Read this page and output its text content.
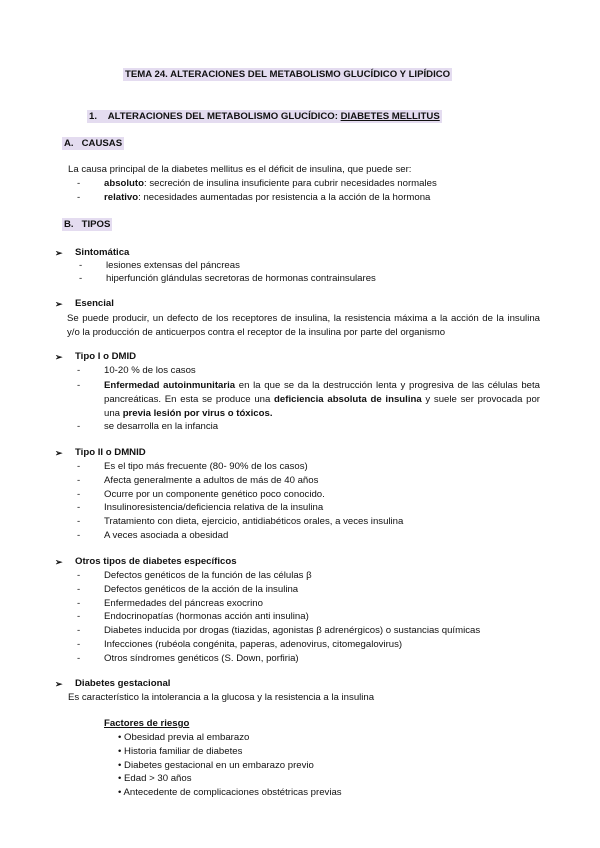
TEMA 24. ALTERACIONES DEL METABOLISMO GLUCÍDICO Y LIPÍDICO
1. ALTERACIONES DEL METABOLISMO GLUCÍDICO: DIABETES MELLITUS
A.   CAUSAS
La causa principal de la diabetes mellitus es el déficit de insulina, que puede ser:
- absoluto: secreción de insulina insuficiente para cubrir necesidades normales
- relativo: necesidades aumentadas por resistencia a la acción de la hormona
B.   TIPOS
➢ Sintomática
- lesiones extensas del páncreas
- hiperfunción glándulas secretoras de hormonas contrainsulares
➢ Esencial
Se puede producir, un defecto de los receptores de insulina, la resistencia máxima a la acción de la insulina y/o la producción de anticuerpos contra el receptor de la insulina por parte del organismo
➢ Tipo I o DMID
- 10-20 % de los casos
- Enfermedad autoinmunitaria en la que se da la destrucción lenta y progresiva de las células beta pancreáticas. En esta se produce una deficiencia absoluta de insulina y suele ser provocada por una previa lesión por virus o tóxicos.
- se desarrolla en la infancia
➢ Tipo II o DMNID
- Es el tipo más frecuente (80- 90% de los casos)
- Afecta generalmente a adultos de más de 40 años
- Ocurre por un componente genético poco conocido.
- Insulinoresistencia/deficiencia relativa de la insulina
- Tratamiento con dieta, ejercicio, antidiabéticos orales, a veces insulina
- A veces asociada a obesidad
➢ Otros tipos de diabetes específicos
- Defectos genéticos de la función de las células β
- Defectos genéticos de la acción de la insulina
- Enfermedades del páncreas exocrino
- Endocrinopatías (hormonas acción anti insulina)
- Diabetes inducida por drogas (tiazidas, agonistas β adrenérgicos) o sustancias químicas
- Infecciones (rubéola congénita, paperas, adenovirus, citomegalovirus)
- Otros síndromes genéticos (S. Down, porfiria)
➢ Diabetes gestacional
Es característico la intolerancia a la glucosa y la resistencia a la insulina
Factores de riesgo
• Obesidad previa al embarazo
• Historia familiar de diabetes
• Diabetes gestacional en un embarazo previo
• Edad > 30 años
• Antecedente de complicaciones obstétricas previas
